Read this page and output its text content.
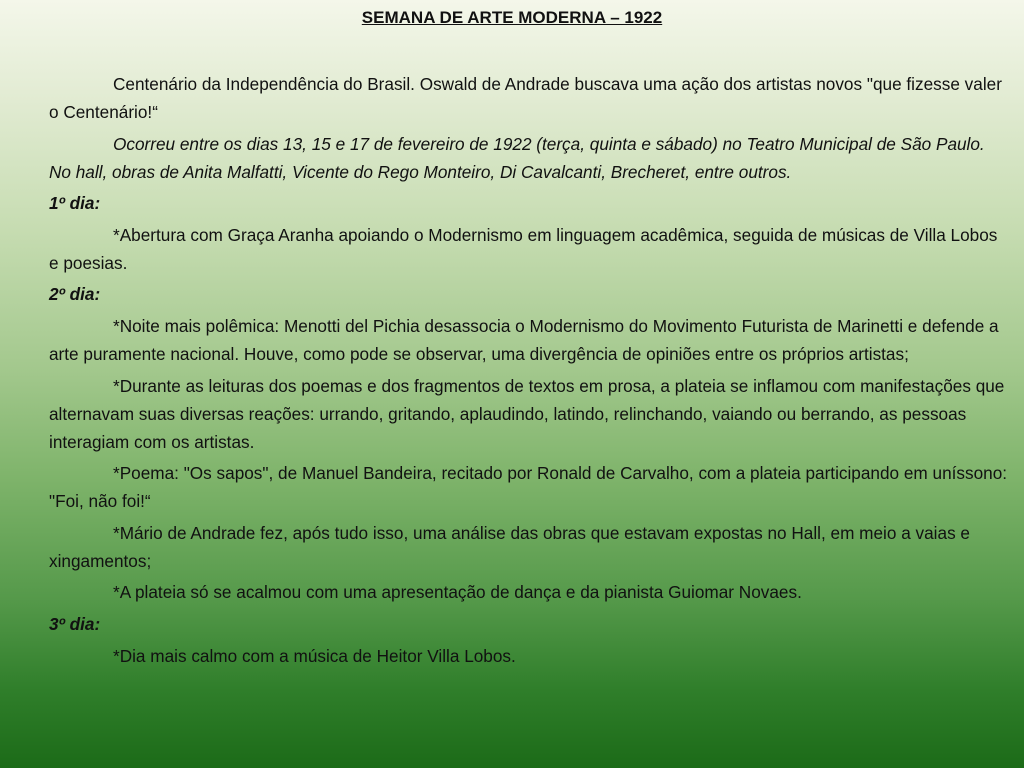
SEMANA DE ARTE MODERNA – 1922

Centenário da Independência do Brasil. Oswald de Andrade buscava uma ação dos artistas novos "que fizesse valer o Centenário!“

Ocorreu entre os dias 13, 15 e 17 de fevereiro de 1922 (terça, quinta e sábado) no Teatro Municipal de São Paulo. No hall, obras de Anita Malfatti, Vicente do Rego Monteiro, Di Cavalcanti, Brecheret, entre outros.

1º dia:

*Abertura com Graça Aranha apoiando o Modernismo em linguagem acadêmica, seguida de músicas de Villa Lobos e poesias.

2º dia:

*Noite mais polêmica: Menotti del Pichia desassocia o Modernismo do Movimento Futurista de Marinetti e defende a arte puramente nacional. Houve, como pode se observar, uma divergência de opiniões entre os próprios artistas;

*Durante as leituras dos poemas e dos fragmentos de textos em prosa, a plateia se inflamou com manifestações que alternavam suas diversas reações: urrando, gritando, aplaudindo, latindo, relinchando, vaiando ou berrando, as pessoas interagiam com os artistas.

*Poema: "Os sapos", de Manuel Bandeira, recitado por Ronald de Carvalho, com a plateia participando em uníssono: "Foi, não foi!“

*Mário de Andrade fez, após tudo isso, uma análise das obras que estavam expostas no Hall, em meio a vaias e xingamentos;

*A plateia só se acalmou com uma apresentação de dança e da pianista Guiomar Novaes.

3º dia:

*Dia mais calmo com a música de Heitor Villa Lobos.
